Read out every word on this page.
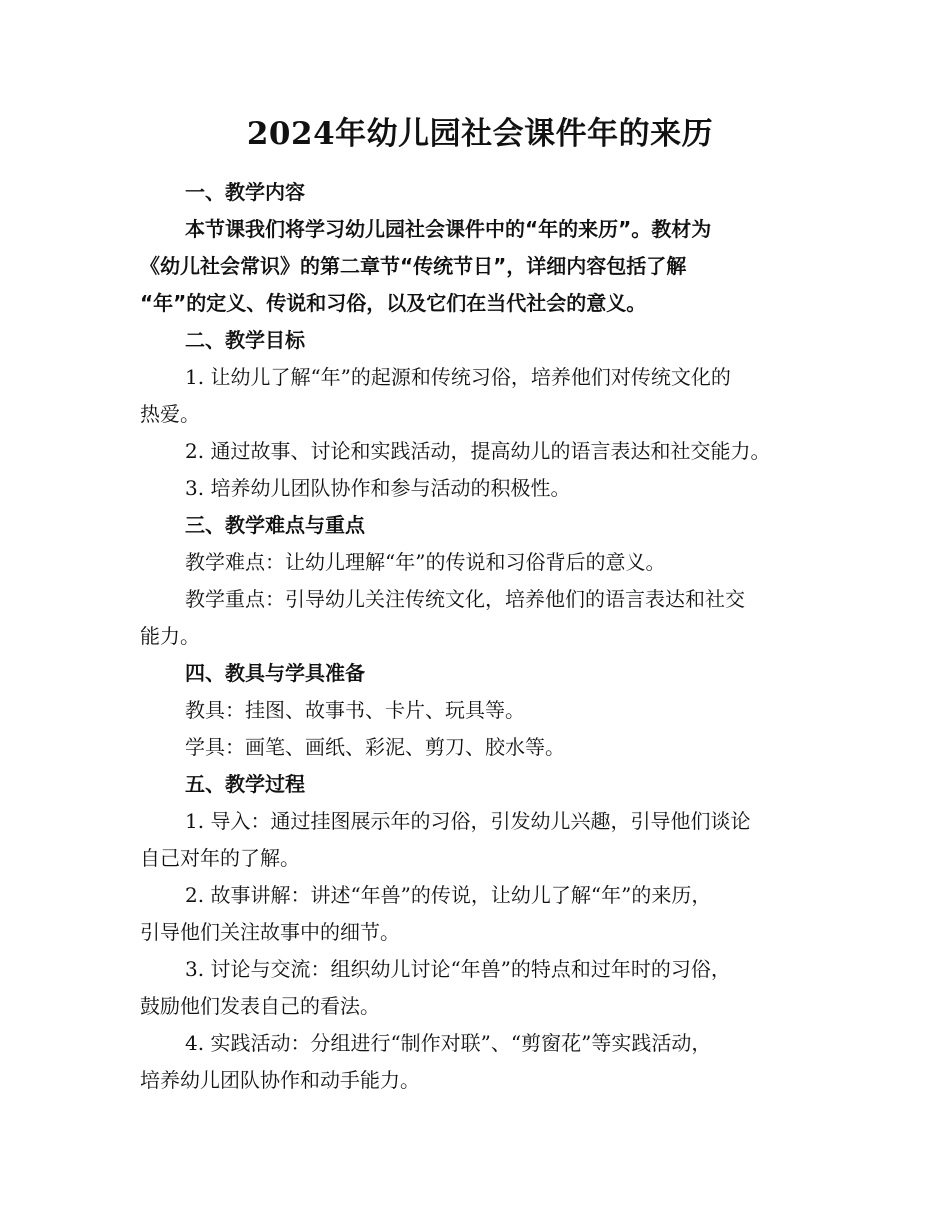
2024年幼儿园社会课件年的来历

一、教学内容

本节课我们将学习幼儿园社会课件中的“年的来历”。教材为
《幼儿社会常识》的第二章节“传统节日”，详细内容包括了解
“年”的定义、传说和习俗，以及它们在当代社会的意义。

二、教学目标

1. 让幼儿了解“年”的起源和传统习俗，培养他们对传统文化的
热爱。

2. 通过故事、讨论和实践活动，提高幼儿的语言表达和社交能力。

3. 培养幼儿团队协作和参与活动的积极性。

三、教学难点与重点

教学难点：让幼儿理解“年”的传说和习俗背后的意义。

教学重点：引导幼儿关注传统文化，培养他们的语言表达和社交
能力。

四、教具与学具准备

教具：挂图、故事书、卡片、玩具等。

学具：画笔、画纸、彩泥、剪刀、胶水等。

五、教学过程

1. 导入：通过挂图展示年的习俗，引发幼儿兴趣，引导他们谈论
自己对年的了解。

2. 故事讲解：讲述“年兽”的传说，让幼儿了解“年”的来历，
引导他们关注故事中的细节。

3. 讨论与交流：组织幼儿讨论“年兽”的特点和过年时的习俗，
鼓励他们发表自己的看法。

4. 实践活动：分组进行“制作对联”、“剪窗花”等实践活动，
培养幼儿团队协作和动手能力。
